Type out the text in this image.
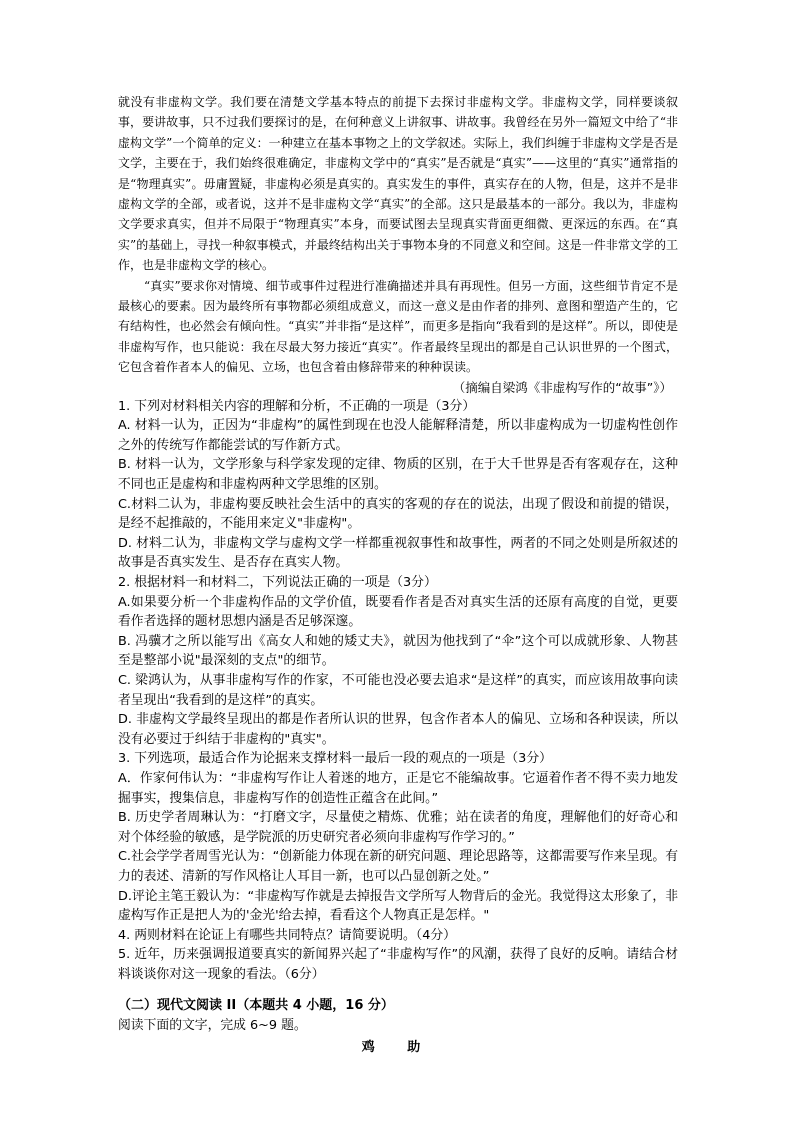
就没有非虚构文学。我们要在清楚文学基本特点的前提下去探讨非虚构文学。非虚构文学，同样要谈叙事，要讲故事，只不过我们要探讨的是，在何种意义上讲叙事、讲故事。我曾经在另外一篇短文中给了“非虚构文学”一个简单的定义：一种建立在基本事物之上的文学叙述。实际上，我们纠缠于非虚构文学是否是文学，主要在于，我们始终很难确定，非虚构文学中的“真实”是否就是“真实”——这里的“真实”通常指的是“物理真实”。毋庸置疑，非虚构必须是真实的。真实发生的事件，真实存在的人物，但是，这并不是非虚构文学的全部，或者说，这并不是非虚构文学“真实”的全部。这只是最基本的一部分。我以为，非虚构文学要求真实，但并不局限于“物理真实”本身，而要试图去呈现真实背面更细微、更深远的东西。在“真实”的基础上，寻找一种叙事模式，并最终结构出关于事物本身的不同意义和空间。这是一件非常文学的工作，也是非虚构文学的核心。

“真实”要求你对情境、细节或事件过程进行准确描述并具有再现性。但另一方面，这些细节肯定不是最核心的要素。因为最终所有事物都必须组成意义，而这一意义是由作者的排列、意图和塑造产生的，它有结构性，也必然会有倾向性。“真实”并非指“是这样”，而更多是指向“我看到的是这样”。所以，即使是非虚构写作，也只能说：我在尽最大努力接近“真实”。作者最终呈现出的都是自己认识世界的一个图式，它包含着作者本人的偏见、立场，也包含着由修辞带来的种种误读。

（摘编自梁鸿《非虚构写作的“故事”》）

1. 下列对材料相关内容的理解和分析，不正确的一项是（3分）

A. 材料一认为，正因为“非虚构”的属性到现在也没人能解释清楚，所以非虚构成为一切虚构性创作之外的传统写作都能尝试的写作新方式。

B. 材料一认为，文学形象与科学家发现的定律、物质的区别，在于大千世界是否有客观存在，这种不同也正是虚构和非虚构两种文学思维的区别。

C.材料二认为，非虚构要反映社会生活中的真实的客观的存在的说法，出现了假设和前提的错误，是经不起推敲的，不能用来定义"非虚构"。

D. 材料二认为，非虚构文学与虚构文学一样都重视叙事性和故事性，两者的不同之处则是所叙述的故事是否真实发生、是否存在真实人物。

2. 根据材料一和材料二，下列说法正确的一项是（3分）

A.如果要分析一个非虚构作品的文学价值，既要看作者是否对真实生活的还原有高度的自觉，更要看作者选择的题材思想内涵是否足够深邃。

B. 冯骥才之所以能写出《高女人和她的矮丈夫》，就因为他找到了“伞”这个可以成就形象、人物甚至是整部小说"最深刻的支点"的细节。

C. 梁鸿认为，从事非虚构写作的作家，不可能也没必要去追求“是这样”的真实，而应该用故事向读者呈现出“我看到的是这样”的真实。

D. 非虚构文学最终呈现出的都是作者所认识的世界，包含作者本人的偏见、立场和各种误读，所以没有必要过于纠结于非虚构的"真实"。

3. 下列选项，最适合作为论据来支撑材料一最后一段的观点的一项是（3分）

A．作家何伟认为：“非虚构写作让人着迷的地方，正是它不能编故事。它逼着作者不得不卖力地发掘事实，搜集信息，非虚构写作的创造性正蕴含在此间。”

B. 历史学者周琳认为：“打磨文字，尽量使之精炼、优雅；站在读者的角度，理解他们的好奇心和对个体经验的敏感，是学院派的历史研究者必须向非虚构写作学习的。”

C.社会学学者周雪光认为：“创新能力体现在新的研究问题、理论思路等，这都需要写作来呈现。有力的表述、清新的写作风格让人耳目一新，也可以凸显创新之处。”

D.评论主笔王毅认为：“非虚构写作就是去掉报告文学所写人物背后的金光。我觉得这太形象了，非虚构写作正是把人为的'金光'给去掉，看看这个人物真正是怎样。"

4. 两则材料在论证上有哪些共同特点？请简要说明。（4分）

5. 近年，历来强调报道要真实的新闻界兴起了“非虚构写作”的风潮，获得了良好的反响。请结合材料谈谈你对这一现象的看法。（6分）

（二）现代文阅读 II（本题共 4 小题，16 分）

阅读下面的文字，完成 6~9 题。

鸡 助
